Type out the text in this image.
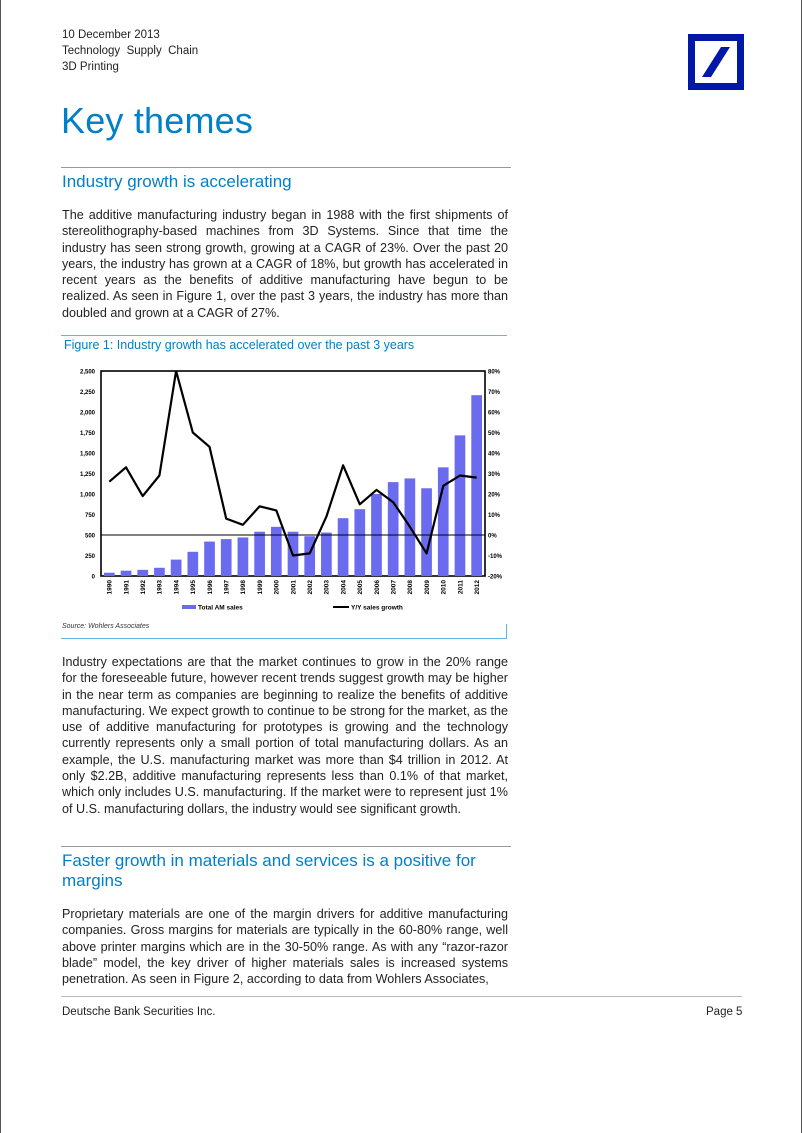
10 December 2013
Technology  Supply  Chain
3D Printing
Key themes
Industry growth is accelerating

The additive manufacturing industry began in 1988 with the first shipments of stereolithography-based machines from 3D Systems. Since that time the industry has seen strong growth, growing at a CAGR of 23%. Over the past 20 years, the industry has grown at a CAGR of 18%, but growth has accelerated in recent years as the benefits of additive manufacturing have begun to be realized. As seen in Figure 1, over the past 3 years, the industry has more than doubled and grown at a CAGR of 27%.

Figure 1: Industry growth has accelerated over the past 3 years
0
250
500
750
1,000
1,250
1,500
1,750
2,000
2,250
2,500
-20%
-10%
0%
10%
20%
30%
40%
50%
60%
70%
80%
1990 1991 1992 1993 1994 1995 1996 1997 1998 1999 2000 2001 2002 2003 2004 2005 2006 2007 2008 2009 2010 2011 2012
Total AM sales	Y/Y sales growth
Source: Wohlers Associates

Industry expectations are that the market continues to grow in the 20% range for the foreseeable future, however recent trends suggest growth may be higher in the near term as companies are beginning to realize the benefits of additive manufacturing. We expect growth to continue to be strong for the market, as the use of additive manufacturing for prototypes is growing and the technology currently represents only a small portion of total manufacturing dollars. As an example, the U.S. manufacturing market was more than $4 trillion in 2012. At only $2.2B, additive manufacturing represents less than 0.1% of that market, which only includes U.S. manufacturing. If the market were to represent just 1% of U.S. manufacturing dollars, the industry would see significant growth.

Faster growth in materials and services is a positive for margins

Proprietary materials are one of the margin drivers for additive manufacturing companies. Gross margins for materials are typically in the 60-80% range, well above printer margins which are in the 30-50% range. As with any “razor-razor blade” model, the key driver of higher materials sales is increased systems penetration. As seen in Figure 2, according to data from Wohlers Associates,

Deutsche Bank Securities Inc.	Page 5
